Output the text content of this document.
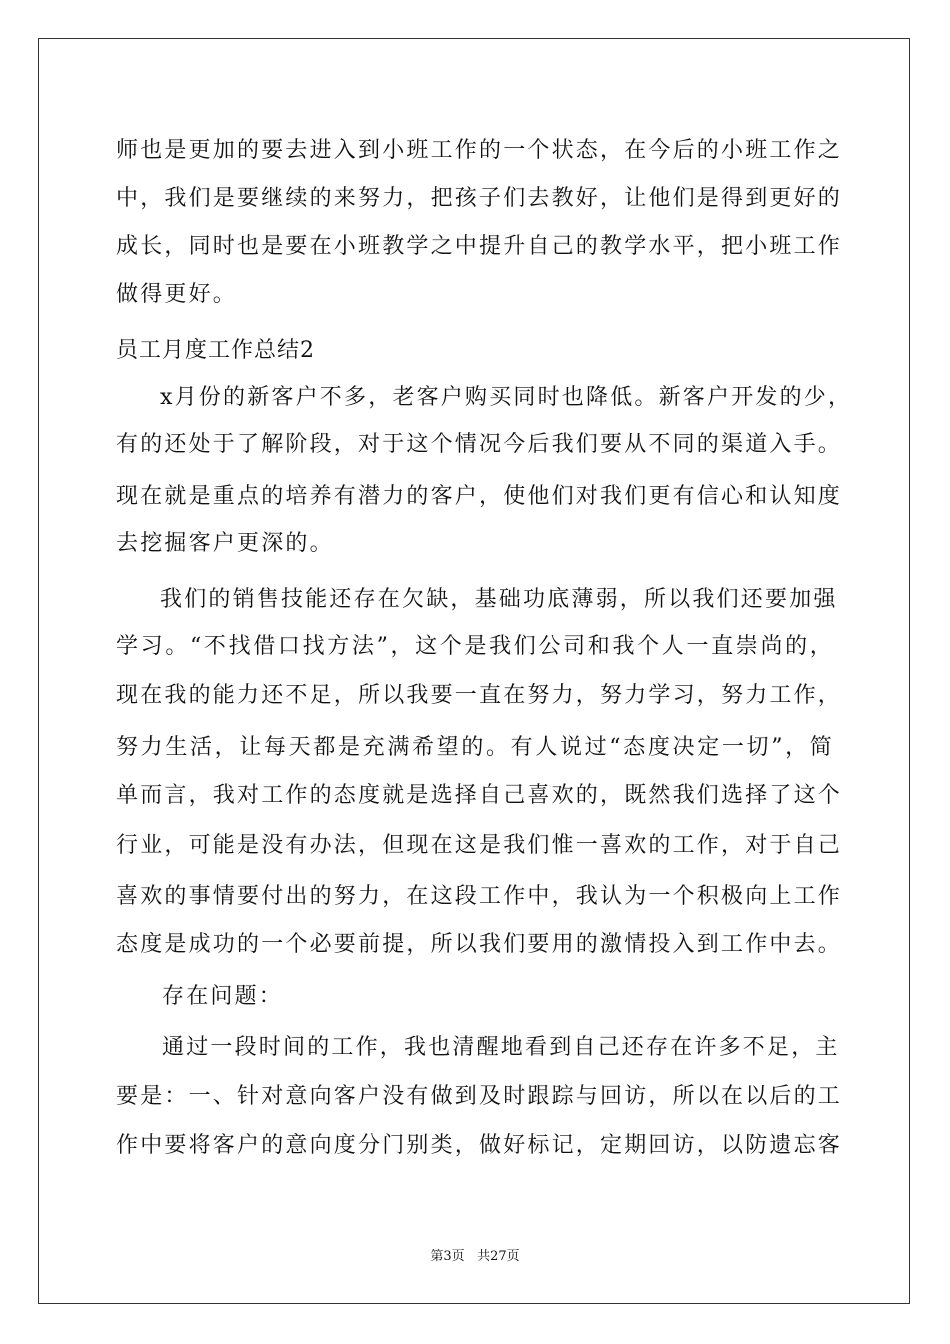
师也是更加的要去进入到小班工作的一个状态，在今后的小班工作之
中，我们是要继续的来努力，把孩子们去教好，让他们是得到更好的
成长，同时也是要在小班教学之中提升自己的教学水平，把小班工作
做得更好。
员工月度工作总结2
x月份的新客户不多，老客户购买同时也降低。新客户开发的少，
有的还处于了解阶段，对于这个情况今后我们要从不同的渠道入手。
现在就是重点的培养有潜力的客户，使他们对我们更有信心和认知度
去挖掘客户更深的。
我们的销售技能还存在欠缺，基础功底薄弱，所以我们还要加强
学习。“不找借口找方法”，这个是我们公司和我个人一直崇尚的，
现在我的能力还不足，所以我要一直在努力，努力学习，努力工作，
努力生活，让每天都是充满希望的。有人说过“态度决定一切”，简
单而言，我对工作的态度就是选择自己喜欢的，既然我们选择了这个
行业，可能是没有办法，但现在这是我们惟一喜欢的工作，对于自己
喜欢的事情要付出的努力，在这段工作中，我认为一个积极向上工作
态度是成功的一个必要前提，所以我们要用的激情投入到工作中去。
存在问题：
通过一段时间的工作，我也清醒地看到自己还存在许多不足，主
要是：一、针对意向客户没有做到及时跟踪与回访，所以在以后的工
作中要将客户的意向度分门别类，做好标记，定期回访，以防遗忘客
第3页 共27页
